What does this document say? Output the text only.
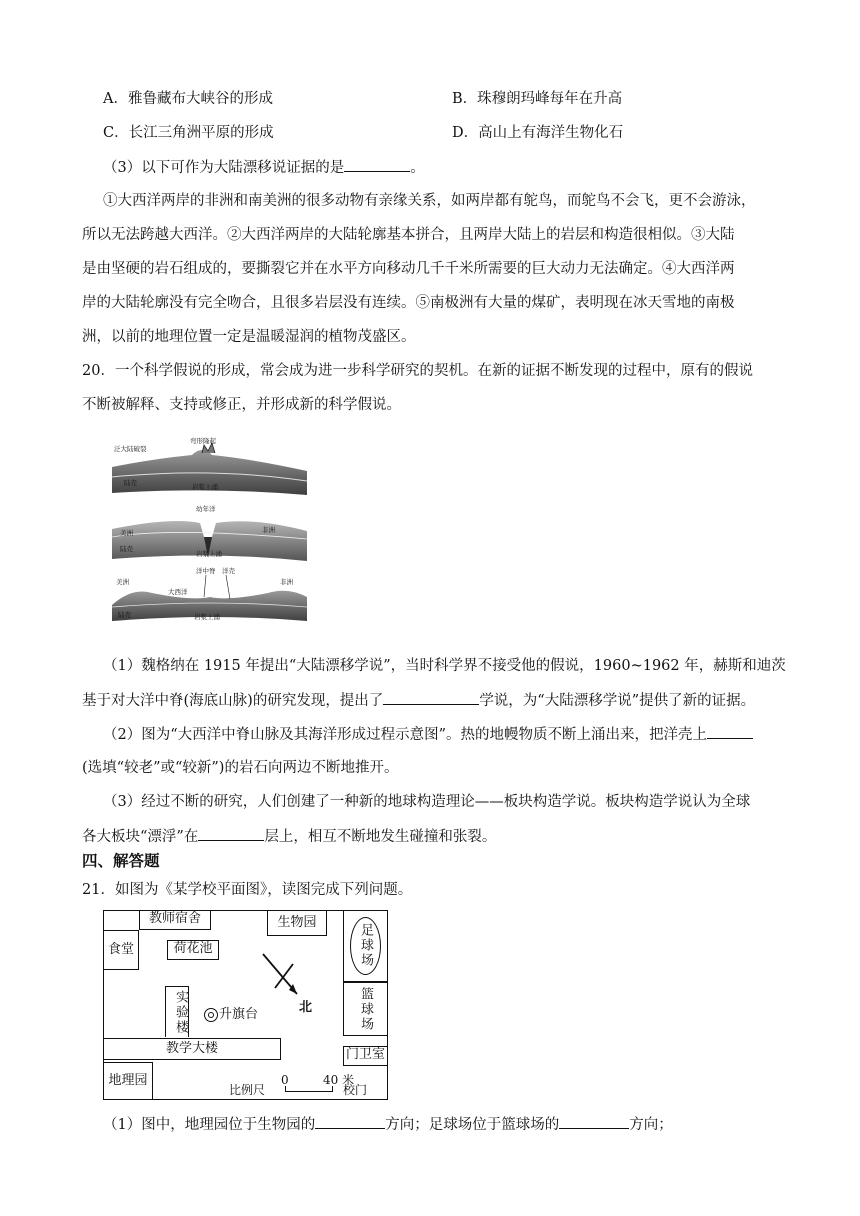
A．雅鲁藏布大峡谷的形成	B．珠穆朗玛峰每年在升高
C．长江三角洲平原的形成	D．高山上有海洋生物化石
（3）以下可作为大陆漂移说证据的是	。
①大西洋两岸的非洲和南美洲的很多动物有亲缘关系，如两岸都有鸵鸟，而鸵鸟不会飞，更不会游泳，
所以无法跨越大西洋。②大西洋两岸的大陆轮廓基本拼合，且两岸大陆上的岩层和构造很相似。③大陆
是由坚硬的岩石组成的，要撕裂它并在水平方向移动几千千米所需要的巨大动力无法确定。④大西洋两
岸的大陆轮廓没有完全吻合，且很多岩层没有连续。⑤南极洲有大量的煤矿，表明现在冰天雪地的南极
洲，以前的地理位置一定是温暖湿润的植物茂盛区。
20．一个科学假说的形成，常会成为进一步科学研究的契机。在新的证据不断发现的过程中，原有的假说
不断被解释、支持或修正，并形成新的科学假说。
泛大陆破裂
弯形隆起
陆壳	岩浆上涌
幼年洋
美洲	非洲
陆壳
岩浆上涌
洋中脊 洋壳
美洲	非洲
大西洋
陆壳	岩浆上涌
（1）魏格纳在 1915 年提出“大陆漂移学说”，当时科学界不接受他的假说，1960~1962 年，赫斯和迪茨
基于对大洋中脊(海底山脉)的研究发现，提出了	学说，为“大陆漂移学说”提供了新的证据。
（2）图为“大西洋中脊山脉及其海洋形成过程示意图”。热的地幔物质不断上涌出来，把洋壳上
(选填“较老”或“较新”)的岩石向两边不断地推开。
（3）经过不断的研究，人们创建了一种新的地球构造理论——板块构造学说。板块构造学说认为全球
各大板块“漂浮”在	层上，相互不断地发生碰撞和张裂。
四、解答题
21．如图为《某学校平面图》，读图完成下列问题。
教师宿舍	生物园
食堂	荷花池
实验楼 升旗台	北
足球场
篮球场
教学大楼	门卫室
地理园
比例尺
0	40 米
校门
（1）图中，地理园位于生物园的	方向；足球场位于篮球场的	方向；
